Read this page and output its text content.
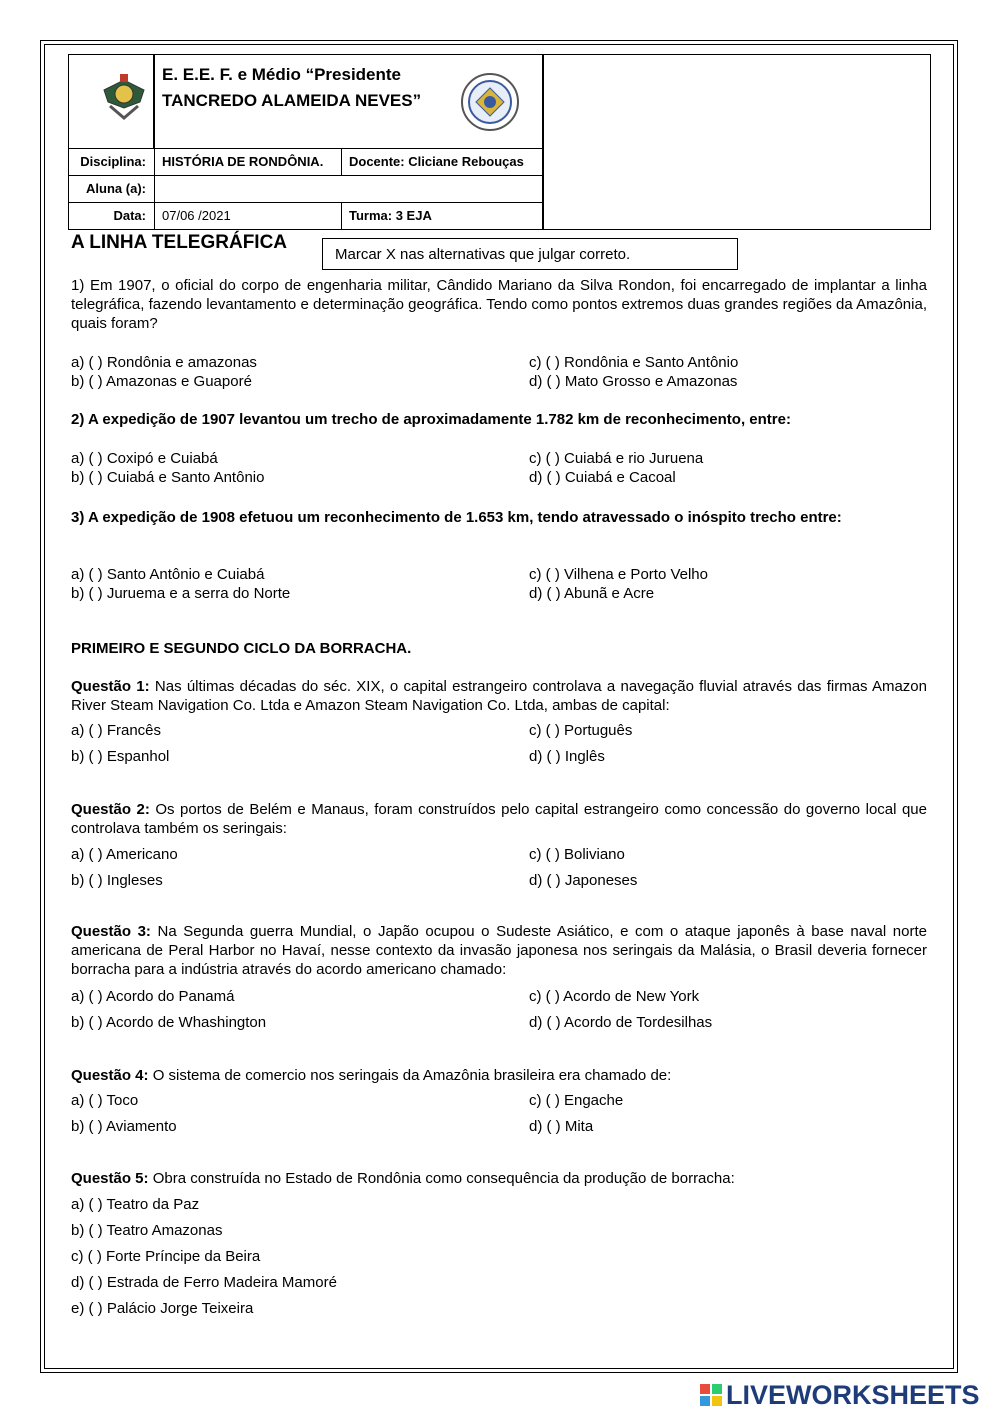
E. E.E. F. e Médio “Presidente
TANCREDO ALAMEIDA NEVES”
Disciplina:	HISTÓRIA DE RONDÔNIA.	Docente: Cliciane Rebouças
Aluna (a):
Data:	07/06 /2021	Turma: 3 EJA
A LINHA TELEGRÁFICA
Marcar X nas alternativas que julgar correto.
1) Em 1907, o oficial do corpo de engenharia militar, Cândido Mariano da Silva Rondon, foi encarregado de implantar a linha telegráfica, fazendo levantamento e determinação geográfica. Tendo como pontos extremos duas grandes regiões da Amazônia, quais foram?
a) ( ) Rondônia e amazonas
b) ( ) Amazonas e Guaporé
c) ( ) Rondônia e Santo Antônio
d) ( ) Mato Grosso e Amazonas
2) A expedição de 1907 levantou um trecho de aproximadamente 1.782 km de reconhecimento, entre:
a) ( ) Coxipó e Cuiabá
b) ( ) Cuiabá e Santo Antônio
c) ( ) Cuiabá e rio Juruena
d) ( ) Cuiabá e Cacoal
3) A expedição de 1908 efetuou um reconhecimento de 1.653 km, tendo atravessado o inóspito trecho entre:
a) ( ) Santo Antônio e Cuiabá
b) ( ) Juruema e a serra do Norte
c) ( ) Vilhena e Porto Velho
d) ( ) Abunã e Acre
PRIMEIRO E SEGUNDO CICLO DA BORRACHA.
Questão 1: Nas últimas décadas do séc. XIX, o capital estrangeiro controlava a navegação fluvial através das firmas Amazon River Steam Navigation Co. Ltda e Amazon Steam Navigation Co. Ltda, ambas de capital:
a) ( ) Francês
b) ( ) Espanhol
c) ( ) Português
d) ( ) Inglês
Questão 2: Os portos de Belém e Manaus, foram construídos pelo capital estrangeiro como concessão do governo local que controlava também os seringais:
a) ( ) Americano
b) ( ) Ingleses
c) ( ) Boliviano
d) ( ) Japoneses
Questão 3: Na Segunda guerra Mundial, o Japão ocupou o Sudeste Asiático, e com o ataque japonês à base naval norte americana de Peral Harbor no Havaí, nesse contexto da invasão japonesa nos seringais da Malásia, o Brasil deveria fornecer borracha para a indústria através do acordo americano chamado:
a) ( ) Acordo do Panamá
b) ( ) Acordo de Whashington
c) ( ) Acordo de New York
d) ( ) Acordo de Tordesilhas
Questão 4: O sistema de comercio nos seringais da Amazônia brasileira era chamado de:
a) ( ) Toco
b) ( ) Aviamento
c) ( ) Engache
d) ( ) Mita
Questão 5: Obra construída no Estado de Rondônia como consequência da produção de borracha:
a) ( ) Teatro da Paz
b) ( ) Teatro Amazonas
c) ( ) Forte Príncipe da Beira
d) ( ) Estrada de Ferro Madeira Mamoré
e) ( ) Palácio Jorge Teixeira
LIVEWORKSHEETS
